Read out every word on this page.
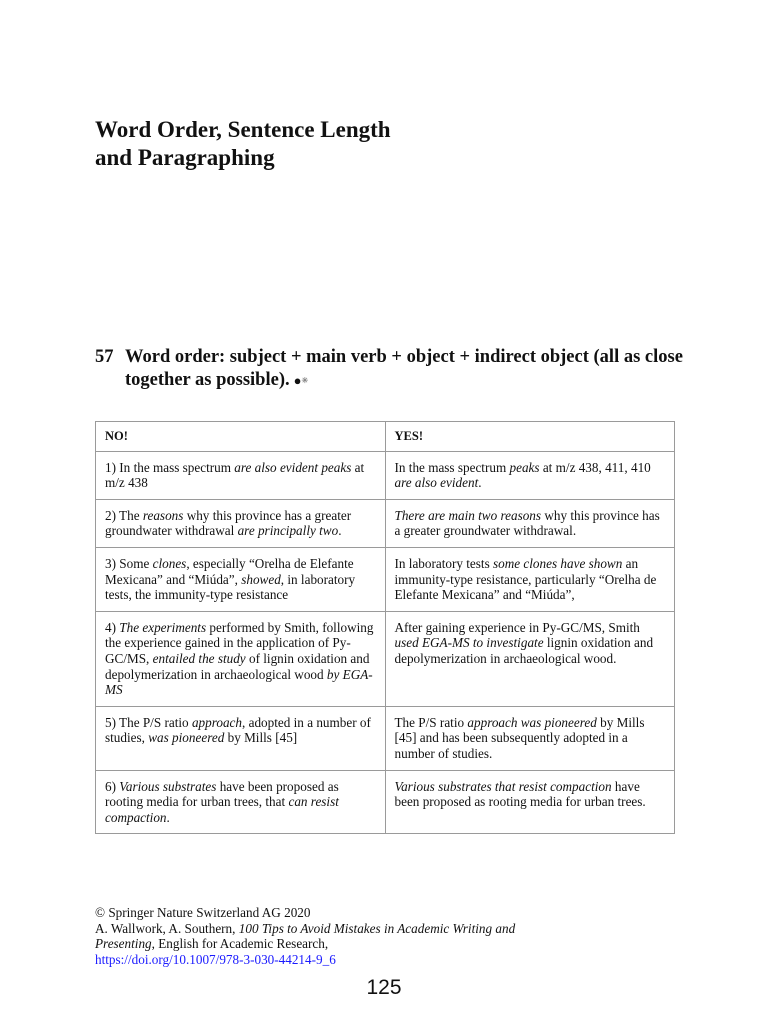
Word Order, Sentence Length
and Paragraphing
57 Word order: subject + main verb + object + indirect object (all as close together as possible). ●✳
NO!	YES!
1) In the mass spectrum are also evident peaks at m/z 438	In the mass spectrum peaks at m/z 438, 411, 410 are also evident.
2) The reasons why this province has a greater groundwater withdrawal are principally two.	There are main two reasons why this province has a greater groundwater withdrawal.
3) Some clones, especially “Orelha de Elefante Mexicana” and “Miúda”, showed, in laboratory tests, the immunity-type resistance	In laboratory tests some clones have shown an immunity-type resistance, particularly “Orelha de Elefante Mexicana” and “Miúda”,
4) The experiments performed by Smith, following the experience gained in the application of Py-GC/MS, entailed the study of lignin oxidation and depolymerization in archaeological wood by EGA-MS	After gaining experience in Py-GC/MS, Smith used EGA-MS to investigate lignin oxidation and depolymerization in archaeological wood.
5) The P/S ratio approach, adopted in a number of studies, was pioneered by Mills [45]	The P/S ratio approach was pioneered by Mills [45] and has been subsequently adopted in a number of studies.
6) Various substrates have been proposed as rooting media for urban trees, that can resist compaction.	Various substrates that resist compaction have been proposed as rooting media for urban trees.
© Springer Nature Switzerland AG 2020
A. Wallwork, A. Southern, 100 Tips to Avoid Mistakes in Academic Writing and Presenting, English for Academic Research,
https://doi.org/10.1007/978-3-030-44214-9_6
125
